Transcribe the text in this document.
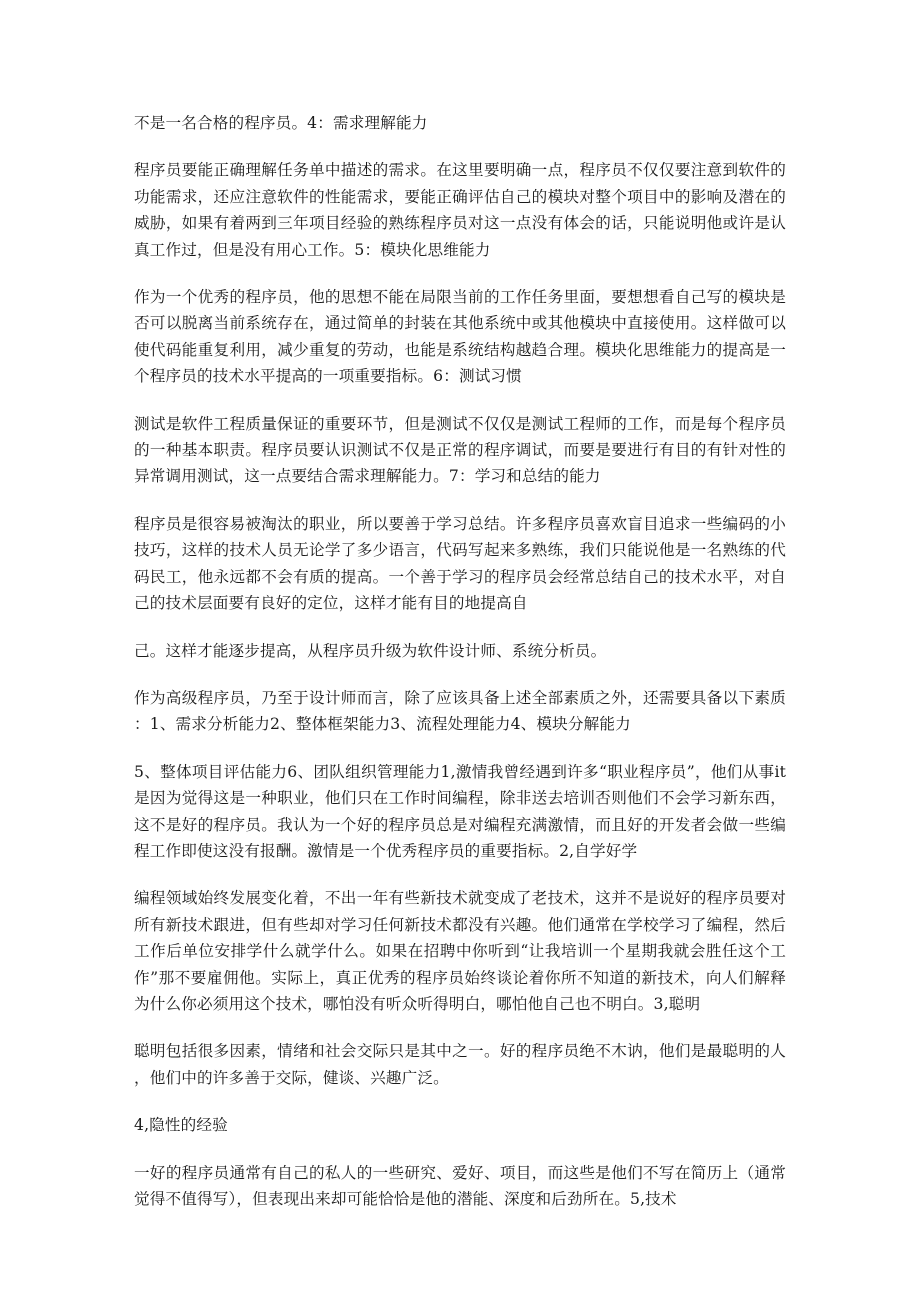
不是一名合格的程序员。4：需求理解能力

程序员要能正确理解任务单中描述的需求。在这里要明确一点，程序员不仅仅要注意到软件的功能需求，还应注意软件的性能需求，要能正确评估自己的模块对整个项目中的影响及潜在的威胁，如果有着两到三年项目经验的熟练程序员对这一点没有体会的话，只能说明他或许是认真工作过，但是没有用心工作。5：模块化思维能力

作为一个优秀的程序员，他的思想不能在局限当前的工作任务里面，要想想看自己写的模块是否可以脱离当前系统存在，通过简单的封装在其他系统中或其他模块中直接使用。这样做可以使代码能重复利用，减少重复的劳动，也能是系统结构越趋合理。模块化思维能力的提高是一个程序员的技术水平提高的一项重要指标。6：测试习惯

测试是软件工程质量保证的重要环节，但是测试不仅仅是测试工程师的工作，而是每个程序员的一种基本职责。程序员要认识测试不仅是正常的程序调试，而要是要进行有目的有针对性的异常调用测试，这一点要结合需求理解能力。7：学习和总结的能力

程序员是很容易被淘汰的职业，所以要善于学习总结。许多程序员喜欢盲目追求一些编码的小技巧，这样的技术人员无论学了多少语言，代码写起来多熟练，我们只能说他是一名熟练的代码民工，他永远都不会有质的提高。一个善于学习的程序员会经常总结自己的技术水平，对自己的技术层面要有良好的定位，这样才能有目的地提高自

己。这样才能逐步提高，从程序员升级为软件设计师、系统分析员。

作为高级程序员，乃至于设计师而言，除了应该具备上述全部素质之外，还需要具备以下素质：1、需求分析能力2、整体框架能力3、流程处理能力4、模块分解能力

5、整体项目评估能力6、团队组织管理能力1,激情我曾经遇到许多“职业程序员”，他们从事it是因为觉得这是一种职业，他们只在工作时间编程，除非送去培训否则他们不会学习新东西，这不是好的程序员。我认为一个好的程序员总是对编程充满激情，而且好的开发者会做一些编程工作即使这没有报酬。激情是一个优秀程序员的重要指标。2,自学好学

编程领域始终发展变化着，不出一年有些新技术就变成了老技术，这并不是说好的程序员要对所有新技术跟进，但有些却对学习任何新技术都没有兴趣。他们通常在学校学习了编程，然后工作后单位安排学什么就学什么。如果在招聘中你听到“让我培训一个星期我就会胜任这个工作”那不要雇佣他。实际上，真正优秀的程序员始终谈论着你所不知道的新技术，向人们解释为什么你必须用这个技术，哪怕没有听众听得明白，哪怕他自己也不明白。3,聪明

聪明包括很多因素，情绪和社会交际只是其中之一。好的程序员绝不木讷，他们是最聪明的人，他们中的许多善于交际，健谈、兴趣广泛。

4,隐性的经验

一好的程序员通常有自己的私人的一些研究、爱好、项目，而这些是他们不写在简历上（通常觉得不值得写），但表现出来却可能恰恰是他的潜能、深度和后劲所在。5,技术
